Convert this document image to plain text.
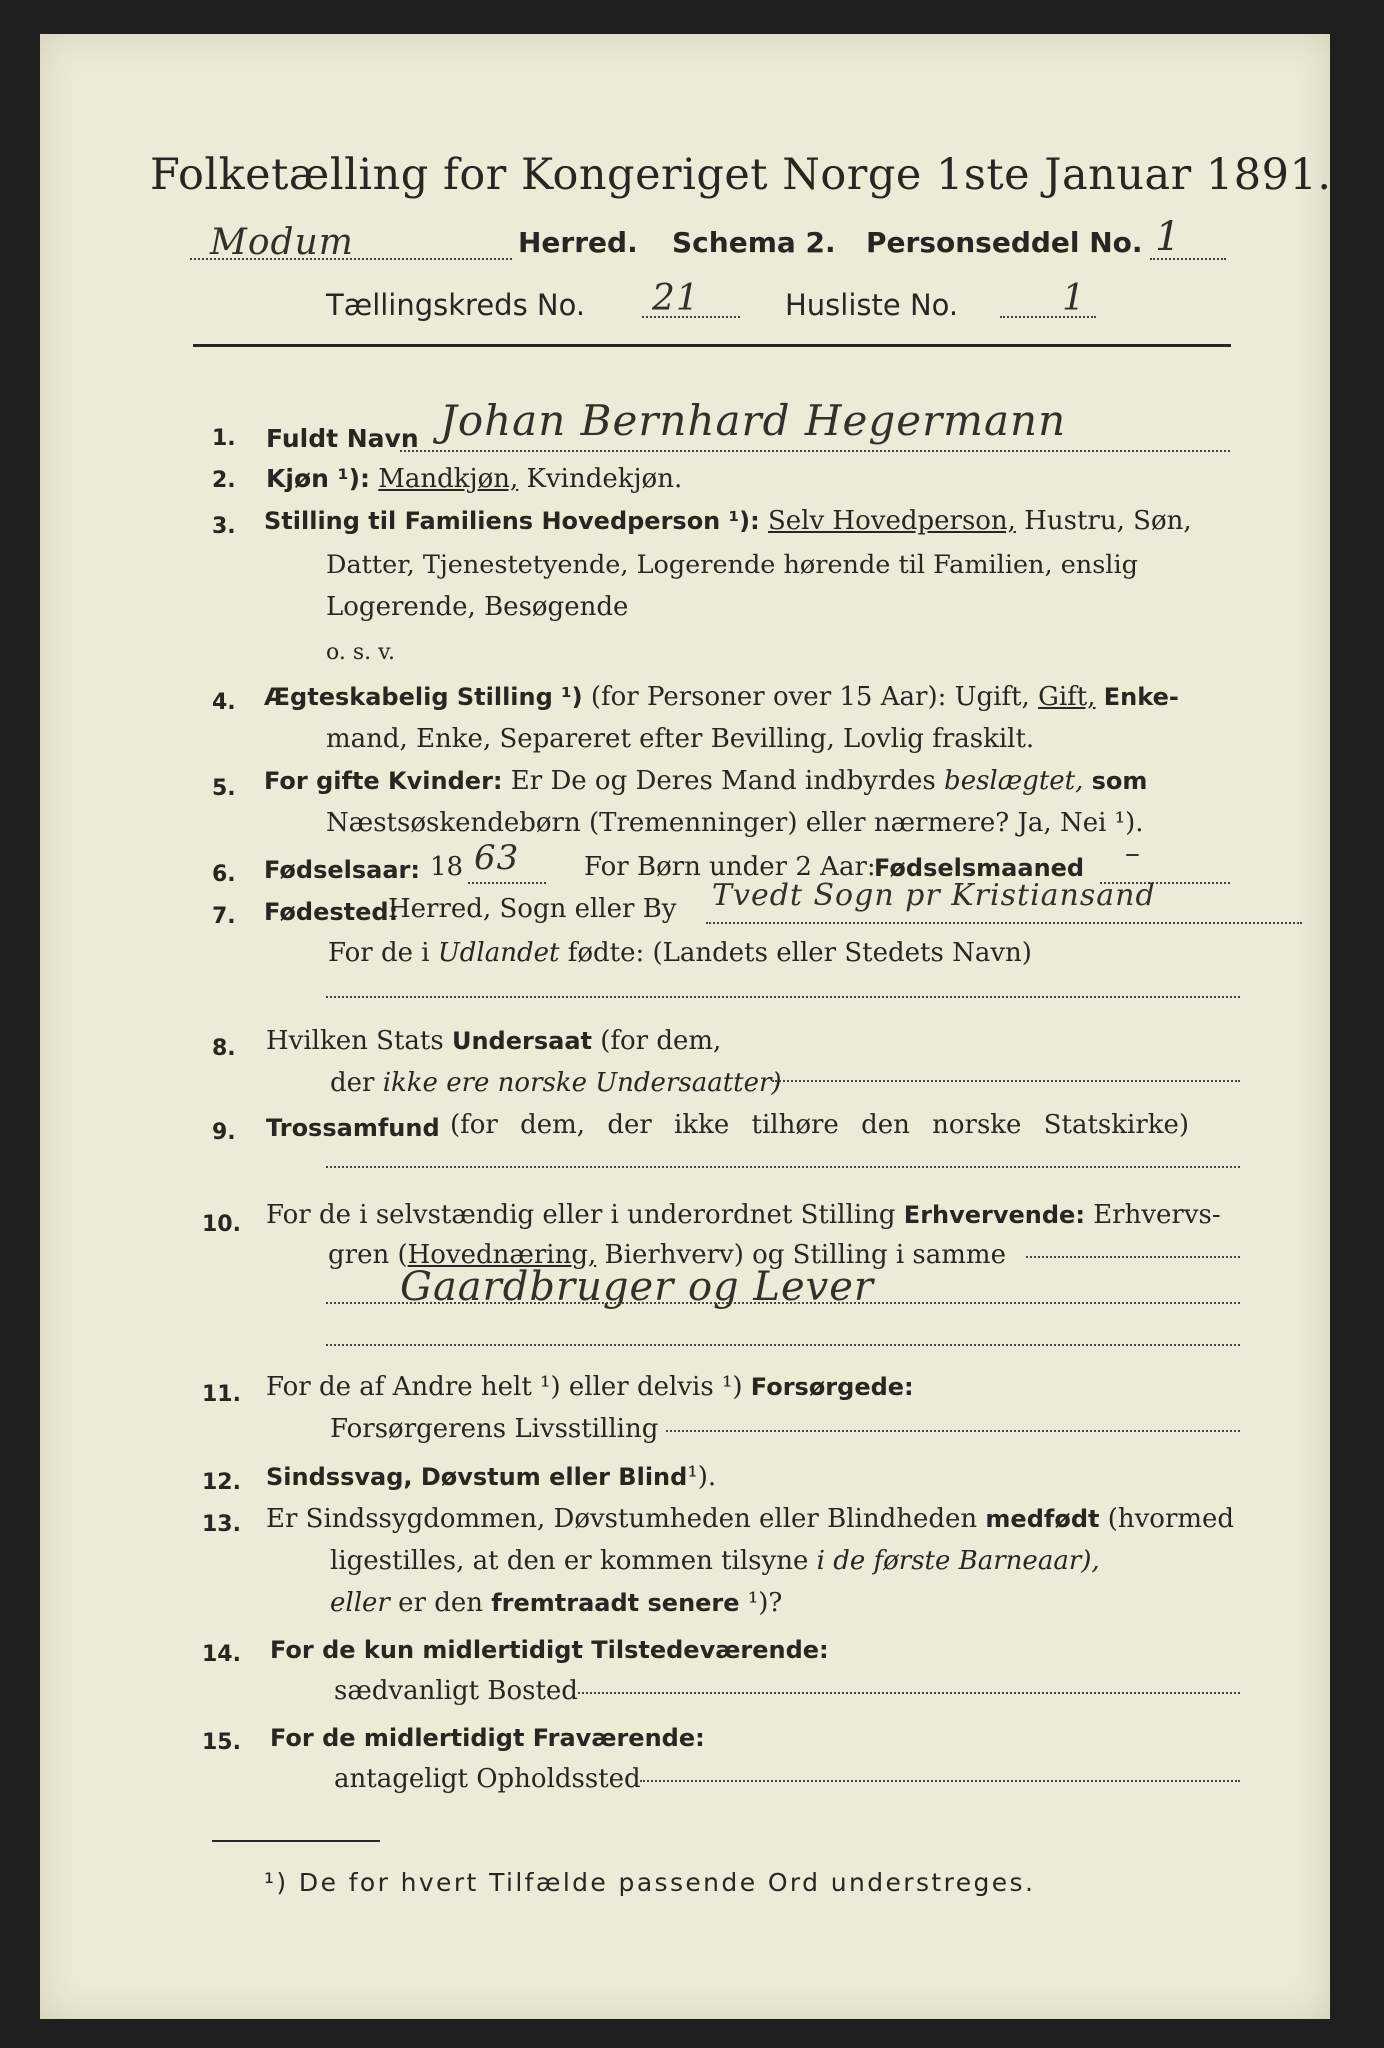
Folketælling for Kongeriget Norge 1ste Januar 1891.
Modum	Herred. Schema 2. Personseddel No. 1
Tællingskreds No. 21	Husliste No.	1
1. Fuldt Navn Johan Bernhard Hegermann
2. Kjøn ¹): Mandkjøn, Kvindekjøn.
3. Stilling til Familiens Hovedperson ¹): Selv Hovedperson, Hustru, Søn,
Datter, Tjenestetyende, Logerende hørende til Familien, enslig
Logerende, Besøgende
o. s. v.
4. Ægteskabelig Stilling ¹) (for Personer over 15 Aar): Ugift, Gift, Enke-
mand, Enke, Separeret efter Bevilling, Lovlig fraskilt.
5. For gifte Kvinder: Er De og Deres Mand indbyrdes beslægtet, som
Næstsøskendebørn (Tremenninger) eller nærmere? Ja, Nei ¹).
6. Fødselsaar: 18 63 For Børn under 2 Aar:
Fødselsmaaned –
7. Fødested:
Herred, Sogn eller By Tvedt Sogn pr Kristiansand
For de i Udlandet fødte: (Landets eller Stedets Navn)
8. Hvilken Stats Undersaat (for dem,
der ikke ere norske Undersaatter)
9. Trossamfund (for dem, der ikke tilhøre den norske Statskirke)
10. For de i selvstændig eller i underordnet Stilling Erhvervende: Erhvervs-
gren (Hovednæring, Bierhverv) og Stilling i samme
Gaardbruger og Lever
11. For de af Andre helt ¹) eller delvis ¹) Forsørgede:
Forsørgerens Livsstilling
12. Sindssvag, Døvstum eller Blind¹).
13. Er Sindssygdommen, Døvstumheden eller Blindheden medfødt (hvormed
ligestilles, at den er kommen tilsyne i de første Barneaar),
eller er den fremtraadt senere ¹)?
14. For de kun midlertidigt Tilstedeværende:
sædvanligt Bosted
15. For de midlertidigt Fraværende:
antageligt Opholdssted
¹) De for hvert Tilfælde passende Ord understreges.
